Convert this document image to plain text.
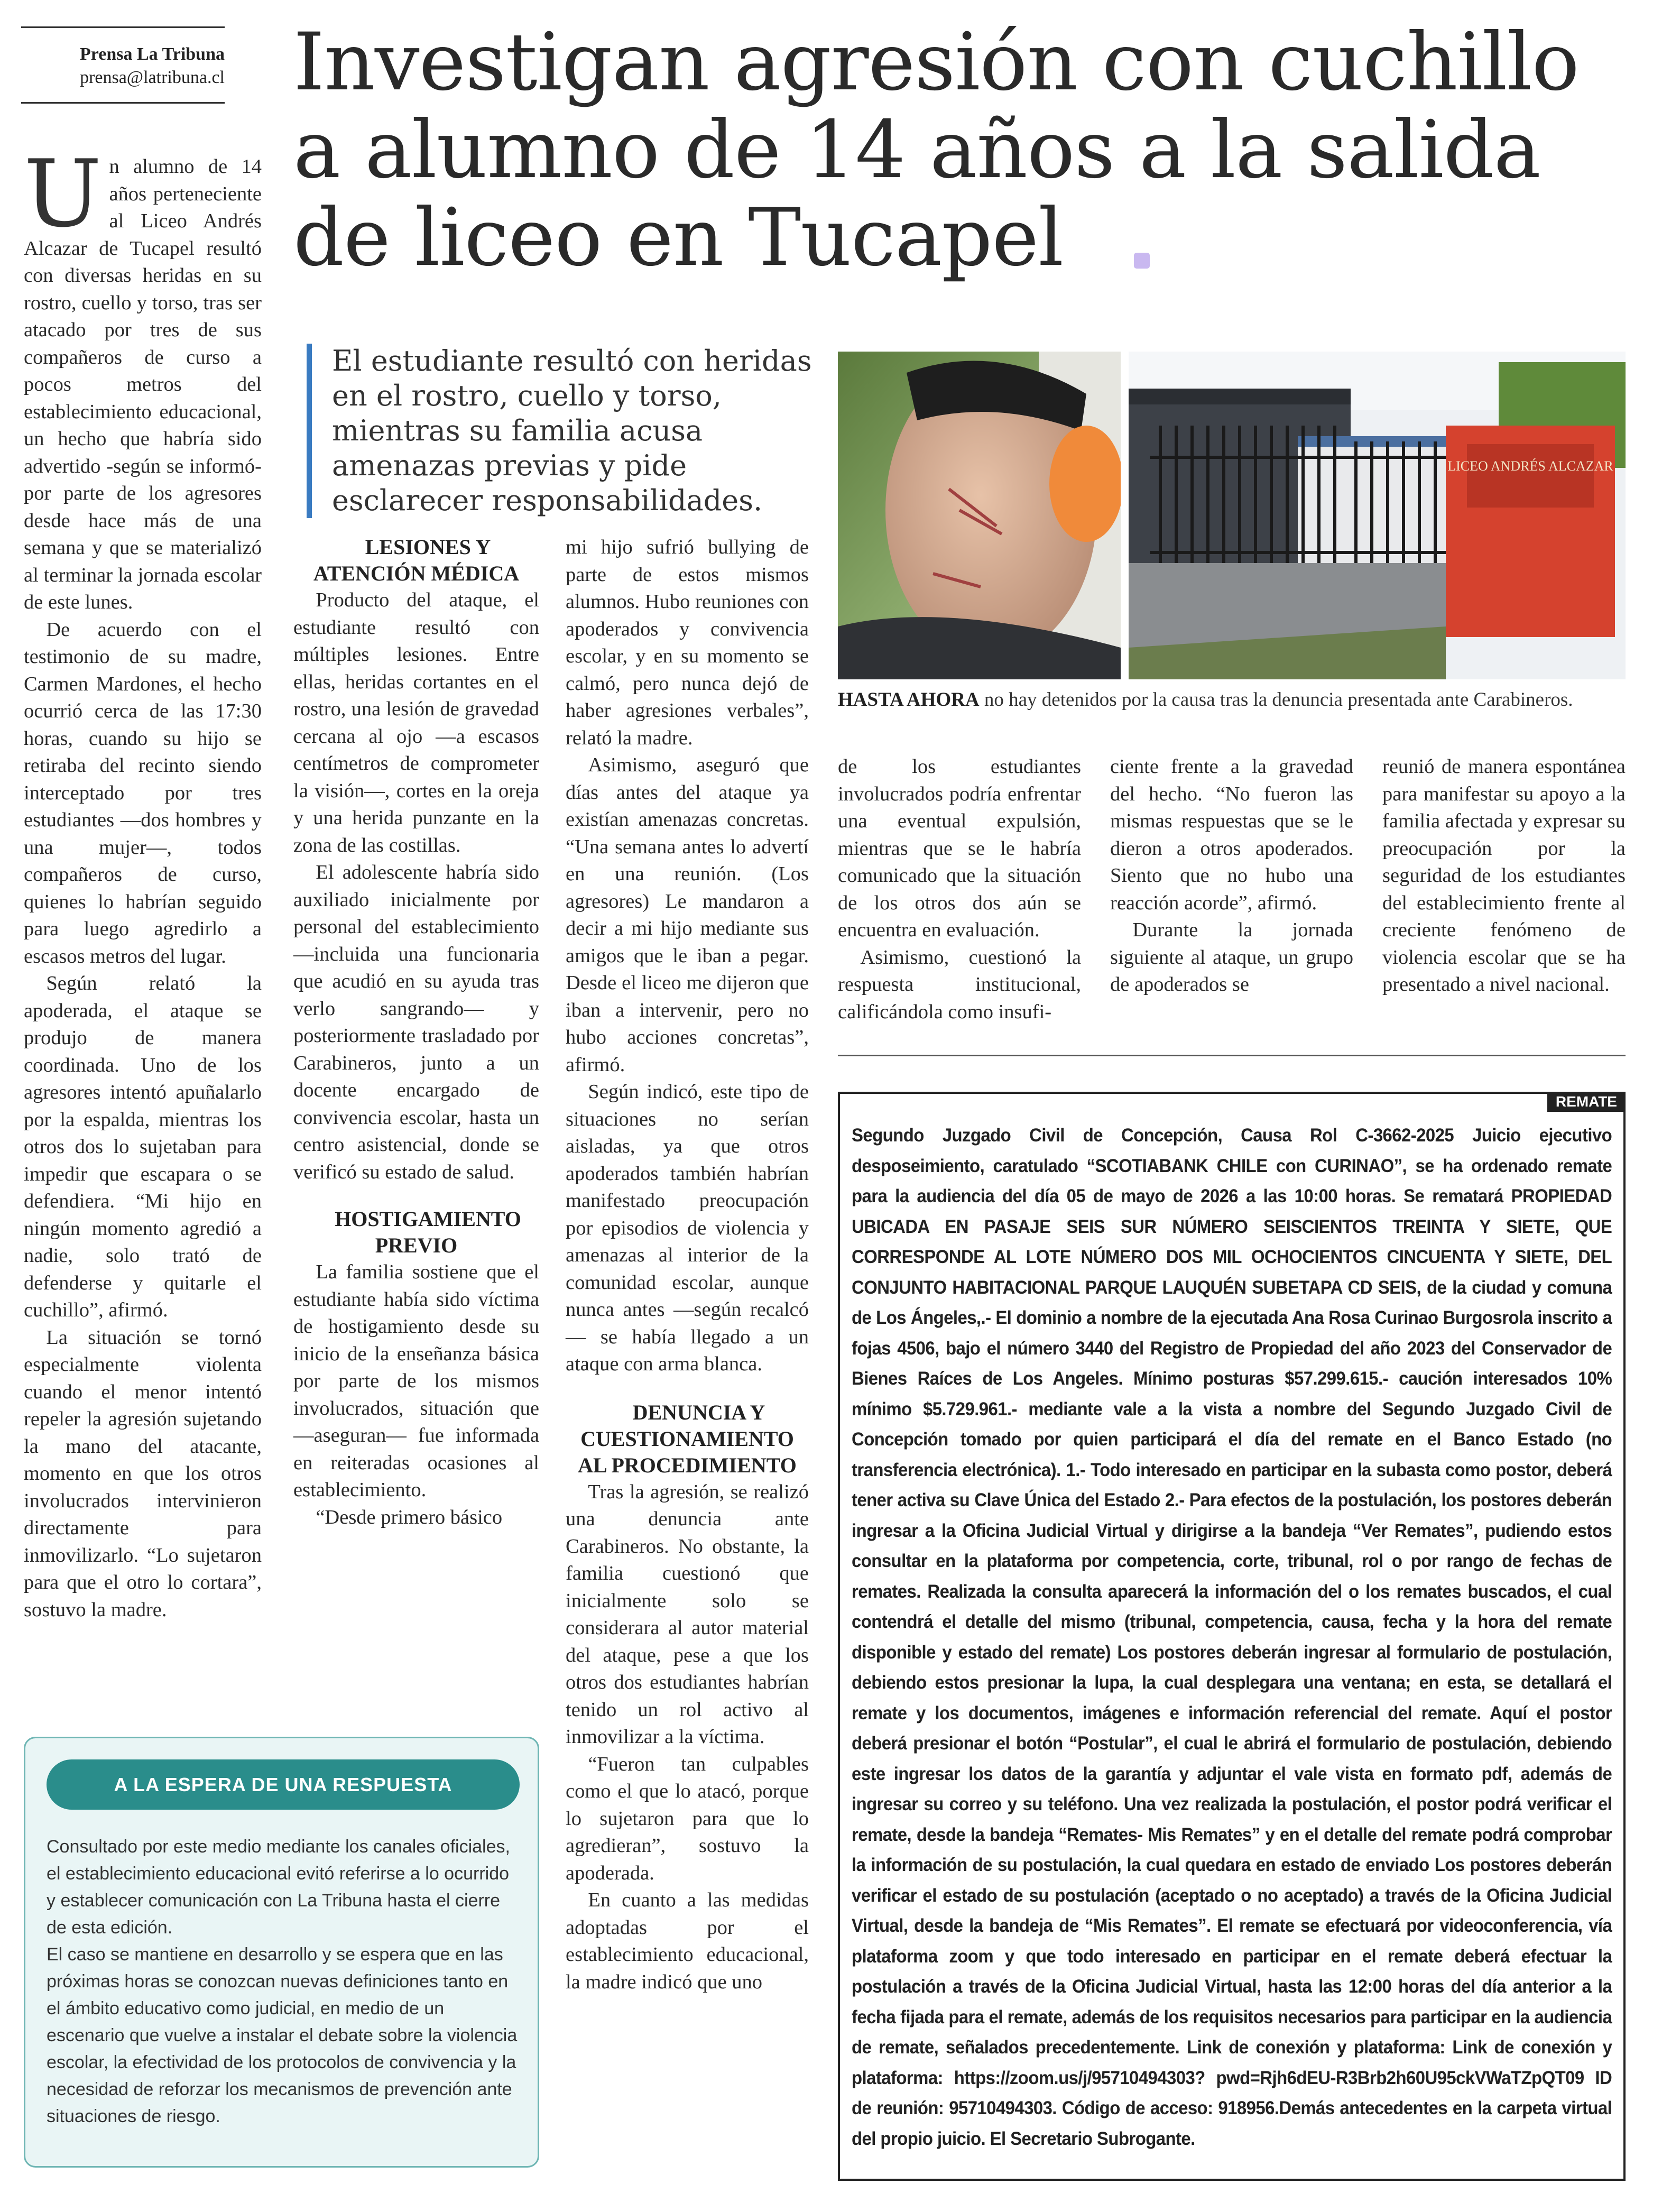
Prensa La Tribuna
prensa@latribuna.cl Investigan agresión con cuchillo a alumno de 14 años a la salida de liceo en Tucapel
El estudiante resultó con heridas en el rostro, cuello y torso, mientras su familia acusa amenazas previas y pide esclarecer responsabilidades.

Un alumno de 14 años perteneciente al Liceo Andrés Alcazar de Tucapel resultó con diversas heridas en su rostro, cuello y torso, tras ser atacado por tres de sus compañeros de curso a pocos metros del establecimiento educacional, un hecho que habría sido advertido -según se informó- por parte de los agresores desde hace más de una semana y que se materializó al terminar la jornada escolar de este lunes.

De acuerdo con el testimonio de su madre, Carmen Mardones, el hecho ocurrió cerca de las 17:30 horas, cuando su hijo se retiraba del recinto siendo interceptado por tres estudiantes —dos hombres y una mujer—, todos compañeros de curso, quienes lo habrían seguido para luego agredirlo a escasos metros del lugar.

Según relató la apoderada, el ataque se produjo de manera coordinada. Uno de los agresores intentó apuñalarlo por la espalda, mientras los otros dos lo sujetaban para impedir que escapara o se defendiera. “Mi hijo en ningún momento agredió a nadie, solo trató de defenderse y quitarle el cuchillo”, afirmó.

La situación se tornó especialmente violenta cuando el menor intentó repeler la agresión sujetando la mano del atacante, momento en que los otros involucrados intervinieron directamente para inmovilizarlo. “Lo sujetaron para que el otro lo cortara”, sostuvo la madre.

LESIONES Y ATENCIÓN MÉDICA

Producto del ataque, el estudiante resultó con múltiples lesiones. Entre ellas, heridas cortantes en el rostro, una lesión de gravedad cercana al ojo —a escasos centímetros de comprometer la visión—, cortes en la oreja y una herida punzante en la zona de las costillas.

El adolescente habría sido auxiliado inicialmente por personal del establecimiento —incluida una funcionaria que acudió en su ayuda tras verlo sangrando— y posteriormente trasladado por Carabineros, junto a un docente encargado de convivencia escolar, hasta un centro asistencial, donde se verificó su estado de salud.

HOSTIGAMIENTO PREVIO

La familia sostiene que el estudiante había sido víctima de hostigamiento desde su inicio de la enseñanza básica por parte de los mismos involucrados, situación que —aseguran— fue informada en reiteradas ocasiones al establecimiento.

“Desde primero básico

mi hijo sufrió bullying de parte de estos mismos alumnos. Hubo reuniones con apoderados y convivencia escolar, y en su momento se calmó, pero nunca dejó de haber agresiones verbales”, relató la madre.

Asimismo, aseguró que días antes del ataque ya existían amenazas concretas. “Una semana antes lo advertí en una reunión. (Los agresores) Le mandaron a decir a mi hijo mediante sus amigos que le iban a pegar. Desde el liceo me dijeron que iban a intervenir, pero no hubo acciones concretas”, afirmó.

Según indicó, este tipo de situaciones no serían aisladas, ya que otros apoderados también habrían manifestado preocupación por episodios de violencia y amenazas al interior de la comunidad escolar, aunque nunca antes —según recalcó— se había llegado a un ataque con arma blanca.

DENUNCIA Y CUESTIONAMIENTO AL PROCEDIMIENTO

Tras la agresión, se realizó una denuncia ante Carabineros. No obstante, la familia cuestionó que inicialmente solo se considerara al autor material del ataque, pese a que los otros dos estudiantes habrían tenido un rol activo al inmovilizar a la víctima.

“Fueron tan culpables como el que lo atacó, porque lo sujetaron para que lo agredieran”, sostuvo la apoderada.

En cuanto a las medidas adoptadas por el establecimiento educacional, la madre indicó que uno

LICEO ANDRÉS ALCAZAR
HASTA AHORA no hay detenidos por la causa tras la denuncia presentada ante Carabineros.

de los estudiantes involucrados podría enfrentar una eventual expulsión, mientras que se le habría comunicado que la situación de los otros dos aún se encuentra en evaluación.

Asimismo, cuestionó la respuesta institucional, calificándola como insufi-

ciente frente a la gravedad del hecho. “No fueron las mismas respuestas que se le dieron a otros apoderados. Siento que no hubo una reacción acorde”, afirmó.

Durante la jornada siguiente al ataque, un grupo de apoderados se

reunió de manera espontánea para manifestar su apoyo a la familia afectada y expresar su preocupación por la seguridad de los estudiantes del establecimiento frente al creciente fenómeno de violencia escolar que se ha presentado a nivel nacional.

REMATE
Segundo Juzgado Civil de Concepción, Causa Rol C-3662-2025 Juicio ejecutivo desposeimiento, caratulado “SCOTIABANK CHILE con CURINAO”, se ha ordenado remate para la audiencia del día 05 de mayo de 2026 a las 10:00 horas. Se rematará PROPIEDAD UBICADA EN PASAJE SEIS SUR NÚMERO SEISCIENTOS TREINTA Y SIETE, QUE CORRESPONDE AL LOTE NÚMERO DOS MIL OCHOCIENTOS CINCUENTA Y SIETE, DEL CONJUNTO HABITACIONAL PARQUE LAUQUÉN SUBETAPA CD SEIS, de la ciudad y comuna de Los Ángeles,.- El dominio a nombre de la ejecutada Ana Rosa Curinao Burgosrola inscrito a fojas 4506, bajo el número 3440 del Registro de Propiedad del año 2023 del Conservador de Bienes Raíces de Los Angeles. Mínimo posturas $57.299.615.- caución interesados 10% mínimo $5.729.961.- mediante vale a la vista a nombre del Segundo Juzgado Civil de Concepción tomado por quien participará el día del remate en el Banco Estado (no transferencia electrónica). 1.- Todo interesado en participar en la subasta como postor, deberá tener activa su Clave Única del Estado 2.- Para efectos de la postulación, los postores deberán ingresar a la Oficina Judicial Virtual y dirigirse a la bandeja “Ver Remates”, pudiendo estos consultar en la plataforma por competencia, corte, tribunal, rol o por rango de fechas de remates. Realizada la consulta aparecerá la información del o los remates buscados, el cual contendrá el detalle del mismo (tribunal, competencia, causa, fecha y la hora del remate disponible y estado del remate) Los postores deberán ingresar al formulario de postulación, debiendo estos presionar la lupa, la cual desplegara una ventana; en esta, se detallará el remate y los documentos, imágenes e información referencial del remate. Aquí el postor deberá presionar el botón “Postular”, el cual le abrirá el formulario de postulación, debiendo este ingresar los datos de la garantía y adjuntar el vale vista en formato pdf, además de ingresar su correo y su teléfono. Una vez realizada la postulación, el postor podrá verificar el remate, desde la bandeja “Remates- Mis Remates” y en el detalle del remate podrá comprobar la información de su postulación, la cual quedara en estado de enviado Los postores deberán verificar el estado de su postulación (aceptado o no aceptado) a través de la Oficina Judicial Virtual, desde la bandeja de “Mis Remates”. El remate se efectuará por videoconferencia, vía plataforma zoom y que todo interesado en participar en el remate deberá efectuar la postulación a través de la Oficina Judicial Virtual, hasta las 12:00 horas del día anterior a la fecha fijada para el remate, además de los requisitos necesarios para participar en la audiencia de remate, señalados precedentemente. Link de conexión y plataforma: Link de conexión y plataforma: https://zoom.us/j/95710494303? pwd=Rjh6dEU-R3Brb2h60U95ckVWaTZpQT09 ID de reunión: 95710494303. Código de acceso: 918956.Demás antecedentes en la carpeta virtual del propio juicio. El Secretario Subrogante.
A LA ESPERA DE UNA RESPUESTA

Consultado por este medio mediante los canales oficiales, el establecimiento educacional evitó referirse a lo ocurrido y establecer comunicación con La Tribuna hasta el cierre de esta edición.

El caso se mantiene en desarrollo y se espera que en las próximas horas se conozcan nuevas definiciones tanto en el ámbito educativo como judicial, en medio de un escenario que vuelve a instalar el debate sobre la violencia escolar, la efectividad de los protocolos de convivencia y la necesidad de reforzar los mecanismos de prevención ante situaciones de riesgo.
